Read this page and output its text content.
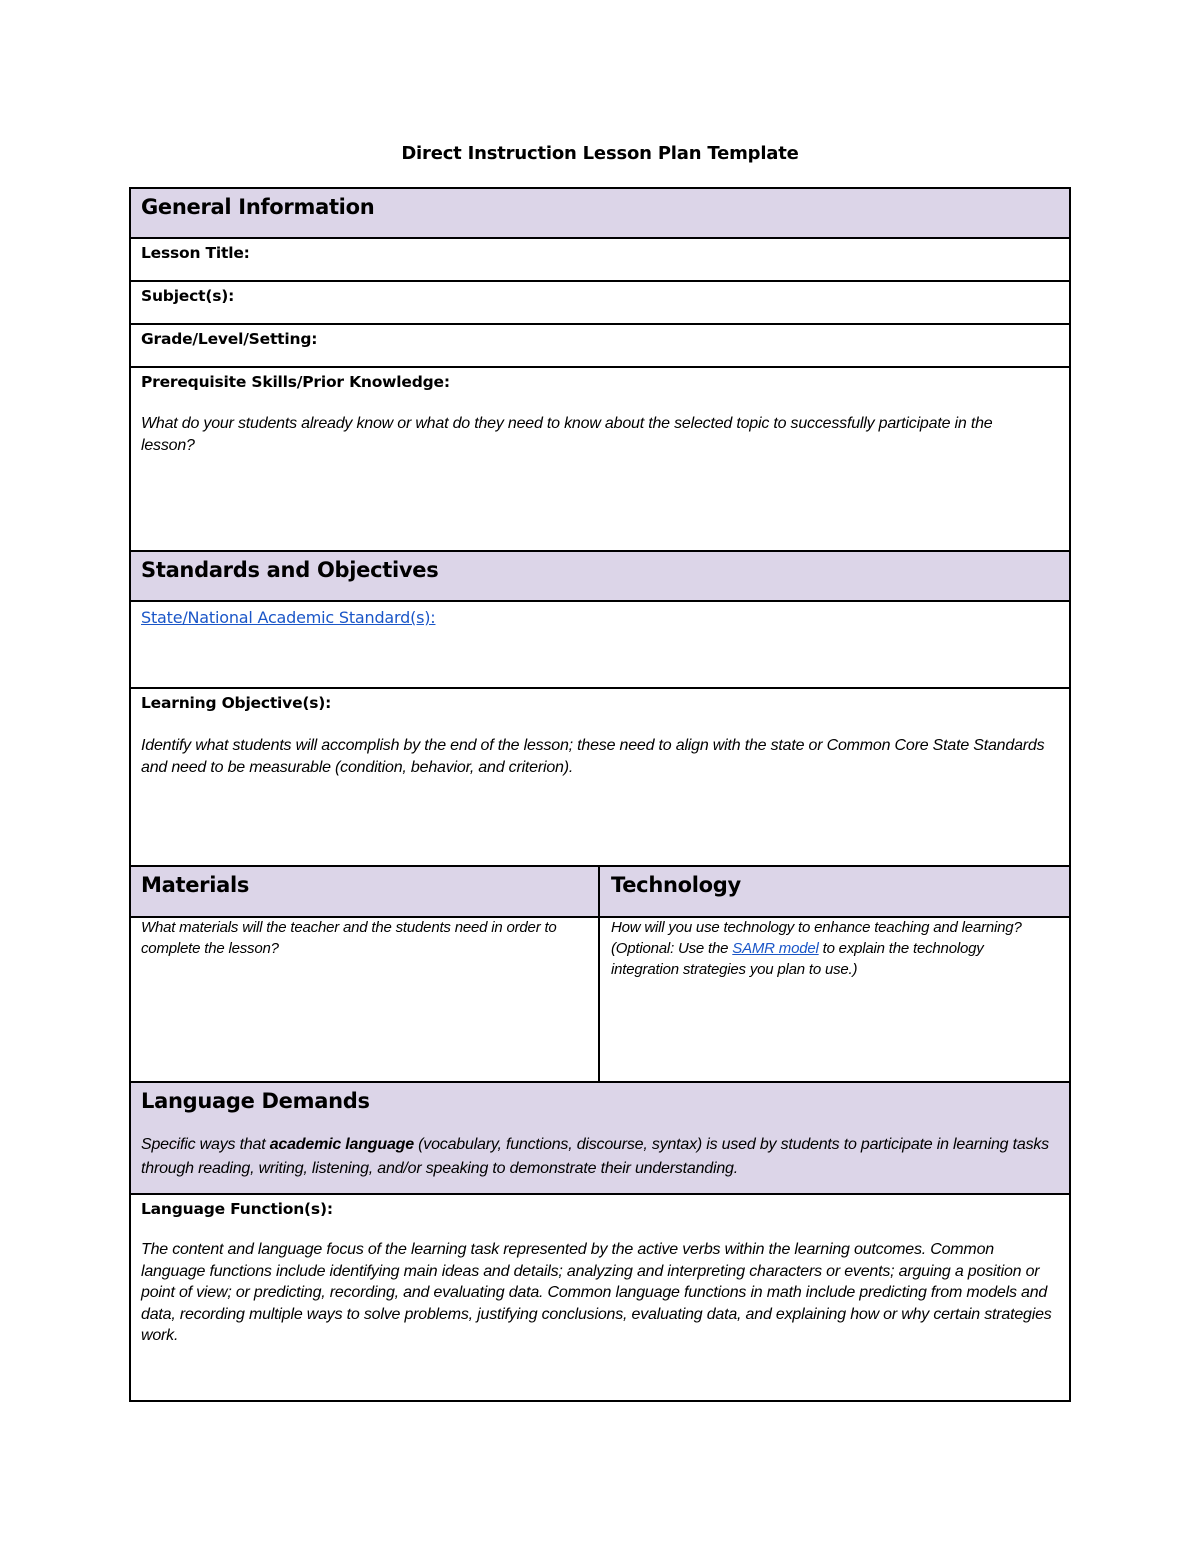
Direct Instruction Lesson Plan Template
General Information
Lesson Title:
Subject(s):
Grade/Level/Setting:
Prerequisite Skills/Prior Knowledge:
What do your students already know or what do they need to know about the selected topic to successfully participate in the lesson?
Standards and Objectives
State/National Academic Standard(s):
Learning Objective(s):
Identify what students will accomplish by the end of the lesson; these need to align with the state or Common Core State Standards and need to be measurable (condition, behavior, and criterion).
Materials
What materials will the teacher and the students need in order to complete the lesson?
Technology
How will you use technology to enhance teaching and learning? (Optional: Use the SAMR model to explain the technology integration strategies you plan to use.)
Language Demands
Specific ways that academic language (vocabulary, functions, discourse, syntax) is used by students to participate in learning tasks through reading, writing, listening, and/or speaking to demonstrate their understanding.
Language Function(s):
The content and language focus of the learning task represented by the active verbs within the learning outcomes. Common language functions include identifying main ideas and details; analyzing and interpreting characters or events; arguing a position or point of view; or predicting, recording, and evaluating data. Common language functions in math include predicting from models and data, recording multiple ways to solve problems, justifying conclusions, evaluating data, and explaining how or why certain strategies work.
